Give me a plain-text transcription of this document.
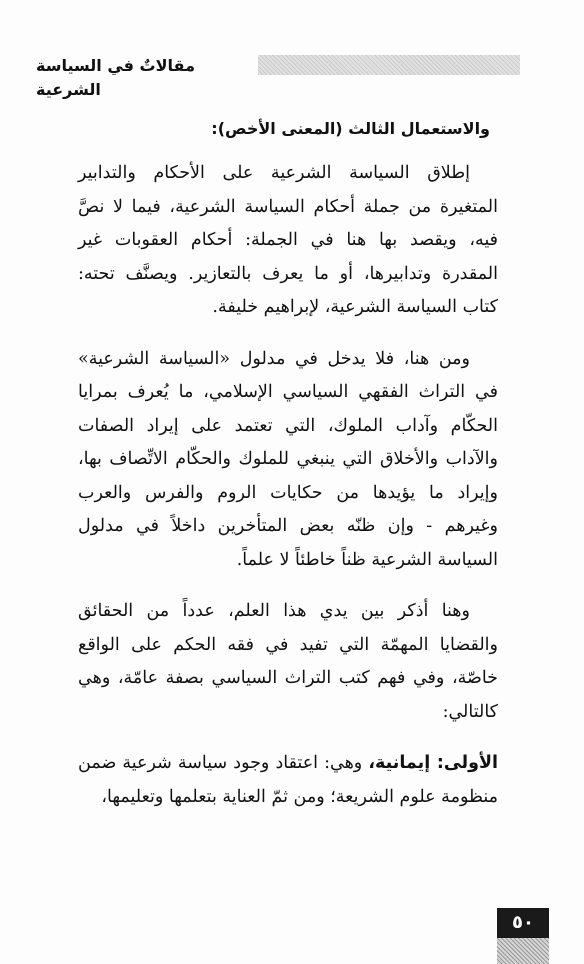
مقالاتٌ في السياسة الشرعية
والاستعمال الثالث (المعنى الأخص):

إطلاق السياسة الشرعية على الأحكام والتدابير المتغيرة من جملة أحكام السياسة الشرعية، فيما لا نصَّ فيه، ويقصد بها هنا في الجملة: أحكام العقوبات غير المقدرة وتدابيرها، أو ما يعرف بالتعازير. ويصنَّف تحته: كتاب السياسة الشرعية، لإبراهيم خليفة.

ومن هنا، فلا يدخل في مدلول «السياسة الشرعية» في التراث الفقهي السياسي الإسلامي، ما يُعرف بمرايا الحكّام وآداب الملوك، التي تعتمد على إيراد الصفات والآداب والأخلاق التي ينبغي للملوك والحكّام الاتِّصاف بها، وإيراد ما يؤيدها من حكايات الروم والفرس والعرب وغيرهم - وإن ظنّه بعض المتأخرين داخلاً في مدلول السياسة الشرعية ظناً خاطئاً لا علماً.

وهنا أذكر بين يدي هذا العلم، عدداً من الحقائق والقضايا المهمّة التي تفيد في فقه الحكم على الواقع خاصّة، وفي فهم كتب التراث السياسي بصفة عامّة، وهي كالتالي:

الأولى: إيمانية، وهي: اعتقاد وجود سياسة شرعية ضمن منظومة علوم الشريعة؛ ومن ثمّ العناية بتعلمها وتعليمها،

٥٠
